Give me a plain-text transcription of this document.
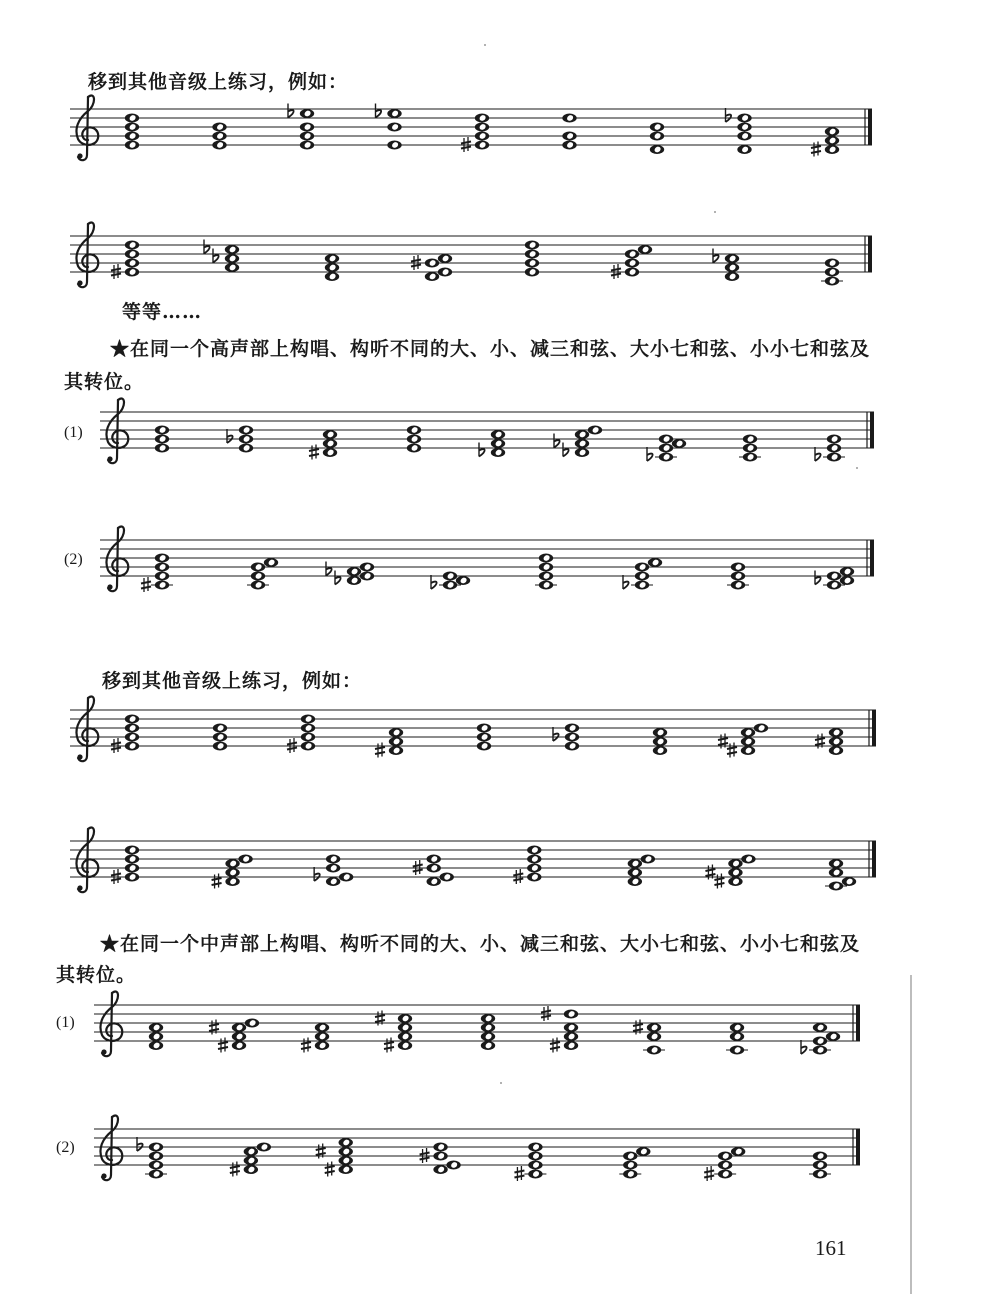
移到其他音级上练习，例如：
等等……
★在同一个高声部上构唱、构听不同的大、小、减三和弦、大小七和弦、小小七和弦及
其转位。
(1)
(2)
移到其他音级上练习，例如：
★在同一个中声部上构唱、构听不同的大、小、减三和弦、大小七和弦、小小七和弦及
其转位。
(1)
(2)
161
